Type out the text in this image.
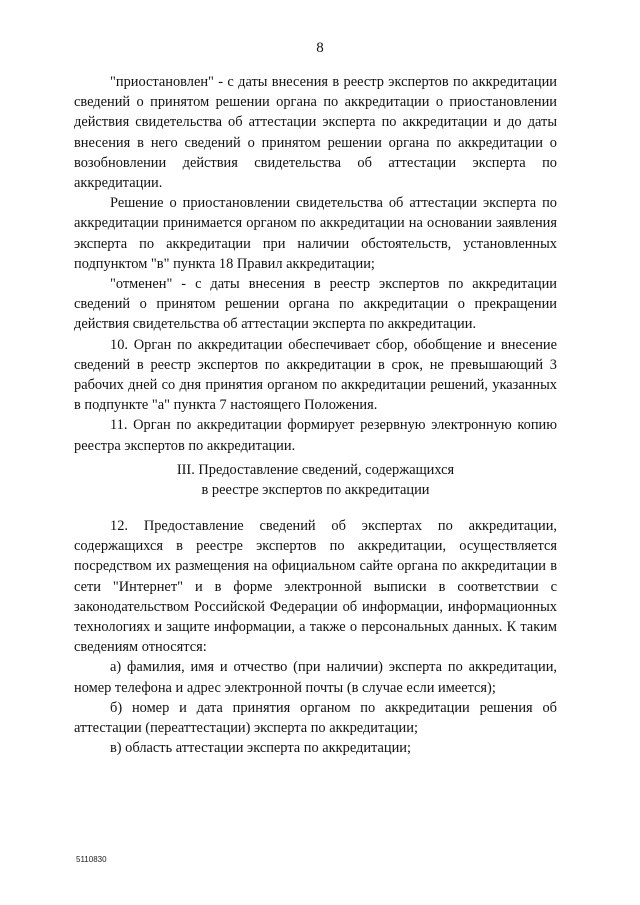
8

"приостановлен" - с даты внесения в реестр экспертов по аккредитации сведений о принятом решении органа по аккредитации о приостановлении действия свидетельства об аттестации эксперта по аккредитации и до даты внесения в него сведений о принятом решении органа по аккредитации о возобновлении действия свидетельства об аттестации эксперта по аккредитации.

Решение о приостановлении свидетельства об аттестации эксперта по аккредитации принимается органом по аккредитации на основании заявления эксперта по аккредитации при наличии обстоятельств, установленных подпунктом "в" пункта 18 Правил аккредитации;

"отменен" - с даты внесения в реестр экспертов по аккредитации сведений о принятом решении органа по аккредитации о прекращении действия свидетельства об аттестации эксперта по аккредитации.

10. Орган по аккредитации обеспечивает сбор, обобщение и внесение сведений в реестр экспертов по аккредитации в срок, не превышающий 3 рабочих дней со дня принятия органом по аккредитации решений, указанных в подпункте "а" пункта 7 настоящего Положения.

11. Орган по аккредитации формирует резервную электронную копию реестра экспертов по аккредитации.

III. Предоставление сведений, содержащихся
в реестре экспертов по аккредитации

12. Предоставление сведений об экспертах по аккредитации, содержащихся в реестре экспертов по аккредитации, осуществляется посредством их размещения на официальном сайте органа по аккредитации в сети "Интернет" и в форме электронной выписки в соответствии с законодательством Российской Федерации об информации, информационных технологиях и защите информации, а также о персональных данных. К таким сведениям относятся:

а) фамилия, имя и отчество (при наличии) эксперта по аккредитации, номер телефона и адрес электронной почты (в случае если имеется);

б) номер и дата принятия органом по аккредитации решения об аттестации (переаттестации) эксперта по аккредитации;

в) область аттестации эксперта по аккредитации;

5110830
